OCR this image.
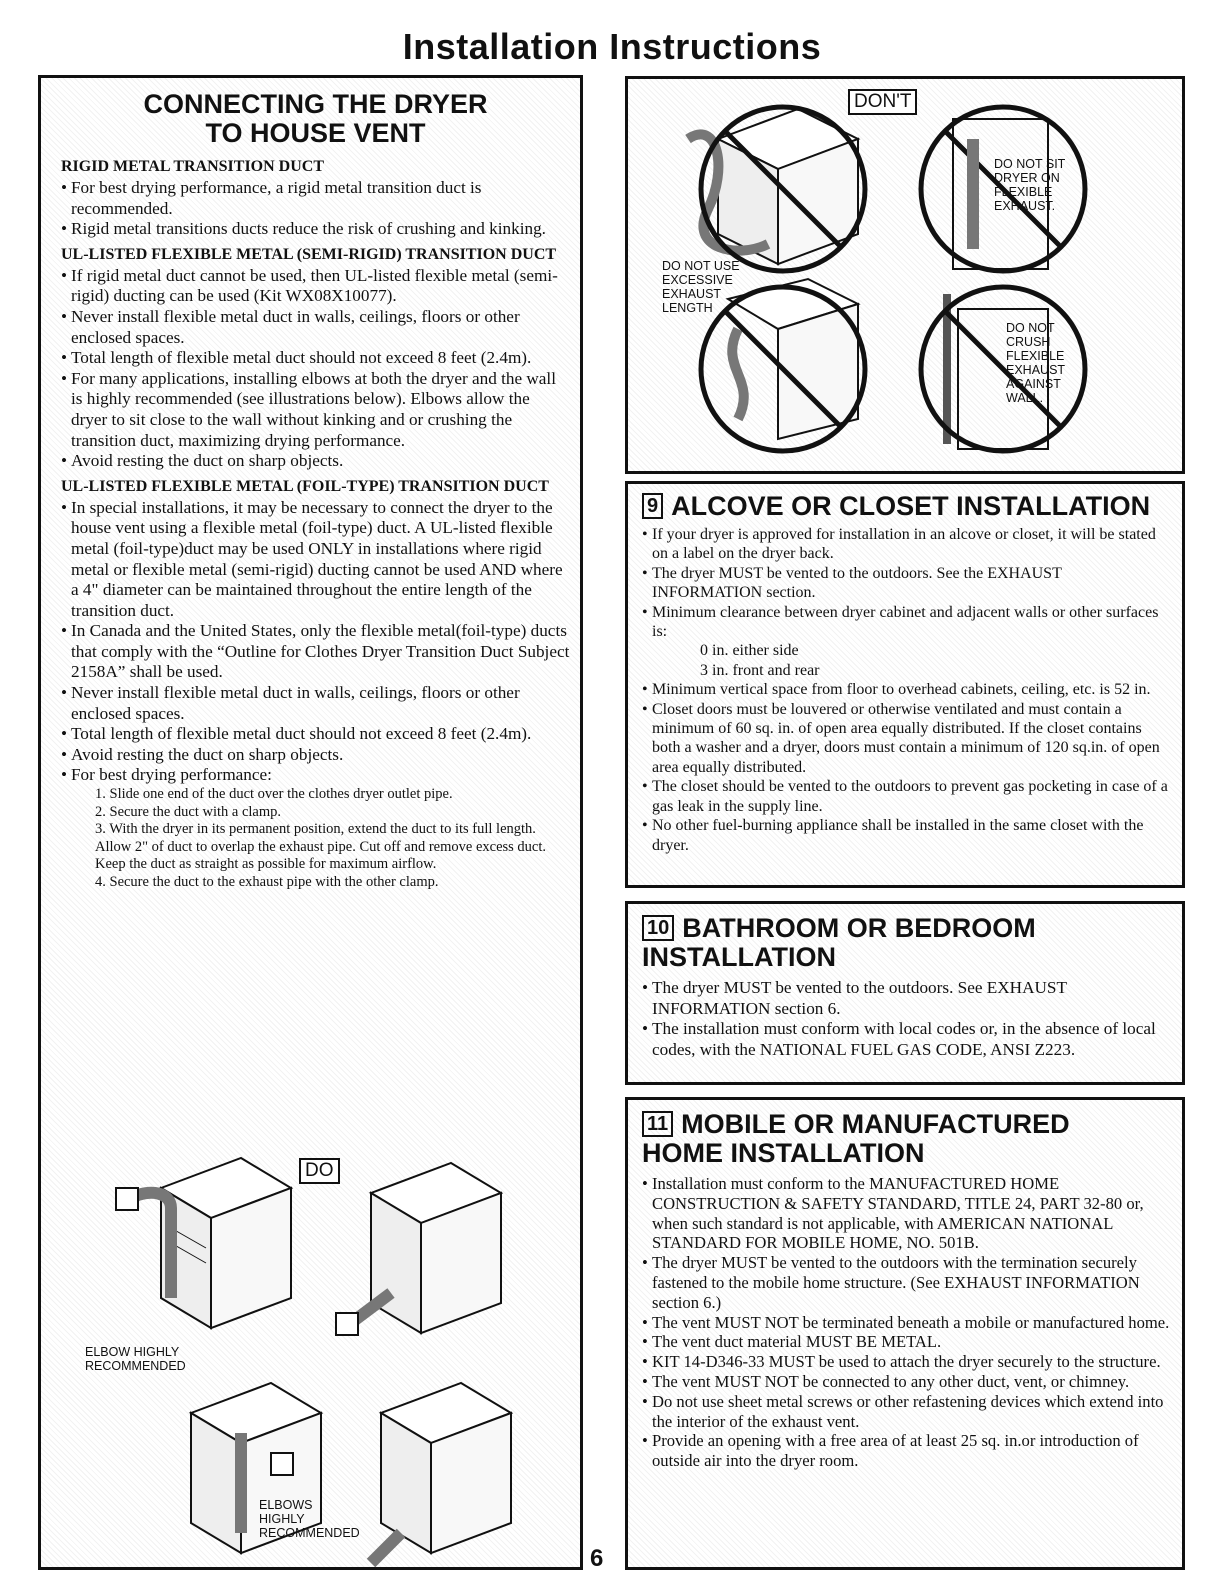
Installation Instructions
CONNECTING THE DRYER
TO HOUSE VENT
RIGID METAL TRANSITION DUCT
• For best drying performance, a rigid metal transition duct is recommended.
• Rigid metal transitions ducts reduce the risk of crushing and kinking.
UL-LISTED FLEXIBLE METAL (SEMI-RIGID) TRANSITION DUCT
• If rigid metal duct cannot be used, then UL-listed flexible metal (semi-rigid) ducting can be used (Kit WX08X10077).
• Never install flexible metal duct in walls, ceilings, floors or other enclosed spaces.
• Total length of flexible metal duct should not exceed 8 feet (2.4m).
• For many applications, installing elbows at both the dryer and the wall is highly recommended (see illustrations below). Elbows allow the dryer to sit close to the wall without kinking and or crushing the transition duct, maximizing drying performance.
• Avoid resting the duct on sharp objects.
UL-LISTED FLEXIBLE METAL (FOIL-TYPE) TRANSITION DUCT
• In special installations, it may be necessary to connect the dryer to the house vent using a flexible metal (foil-type) duct. A UL-listed flexible metal (foil-type)duct may be used ONLY in installations where rigid metal or flexible metal (semi-rigid) ducting cannot be used AND where a 4" diameter can be maintained throughout the entire length of the transition duct.
• In Canada and the United States, only the flexible metal(foil-type) ducts that comply with the “Outline for Clothes Dryer Transition Duct Subject 2158A” shall be used.
• Never install flexible metal duct in walls, ceilings, floors or other enclosed spaces.
• Total length of flexible metal duct should not exceed 8 feet (2.4m).
• Avoid resting the duct on sharp objects.
• For best drying performance:
1. Slide one end of the duct over the clothes dryer outlet pipe.
2. Secure the duct with a clamp.
3. With the dryer in its permanent position, extend the duct to its full length. Allow 2" of duct to overlap the exhaust pipe. Cut off and remove excess duct. Keep the duct as straight as possible for maximum airflow.
4. Secure the duct to the exhaust pipe with the other clamp.
DO
ELBOW HIGHLY RECOMMENDED
ELBOWS HIGHLY RECOMMENDED
DON'T
DO NOT USE EXCESSIVE EXHAUST LENGTH
DO NOT SIT DRYER ON FLEXIBLE EXHAUST.
DO NOT CRUSH FLEXIBLE EXHAUST AGAINST WALL.
9 ALCOVE OR CLOSET INSTALLATION
• If your dryer is approved for installation in an alcove or closet, it will be stated on a label on the dryer back.
• The dryer MUST be vented to the outdoors. See the EXHAUST INFORMATION section.
• Minimum clearance between dryer cabinet and adjacent walls or other surfaces is:
0 in. either side
3 in. front and rear
• Minimum vertical space from floor to overhead cabinets, ceiling, etc. is 52 in.
• Closet doors must be louvered or otherwise ventilated and must contain a minimum of 60 sq. in. of open area equally distributed. If the closet contains both a washer and a dryer, doors must contain a minimum of 120 sq.in. of open area equally distributed.
• The closet should be vented to the outdoors to prevent gas pocketing in case of a gas leak in the supply line.
• No other fuel-burning appliance shall be installed in the same closet with the dryer.
10 BATHROOM OR BEDROOM
INSTALLATION
• The dryer MUST be vented to the outdoors. See EXHAUST INFORMATION section 6.
• The installation must conform with local codes or, in the absence of local codes, with the NATIONAL FUEL GAS CODE, ANSI Z223.
11 MOBILE OR MANUFACTURED
HOME INSTALLATION
• Installation must conform to the MANUFACTURED HOME CONSTRUCTION & SAFETY STANDARD, TITLE 24, PART 32-80 or, when such standard is not applicable, with AMERICAN NATIONAL STANDARD FOR MOBILE HOME, NO. 501B.
• The dryer MUST be vented to the outdoors with the termination securely fastened to the mobile home structure. (See EXHAUST INFORMATION section 6.)
• The vent MUST NOT be terminated beneath a mobile or manufactured home.
• The vent duct material MUST BE METAL.
• KIT 14-D346-33 MUST be used to attach the dryer securely to the structure.
• The vent MUST NOT be connected to any other duct, vent, or chimney.
• Do not use sheet metal screws or other refastening devices which extend into the interior of the exhaust vent.
• Provide an opening with a free area of at least 25 sq. in.or introduction of outside air into the dryer room.
6
